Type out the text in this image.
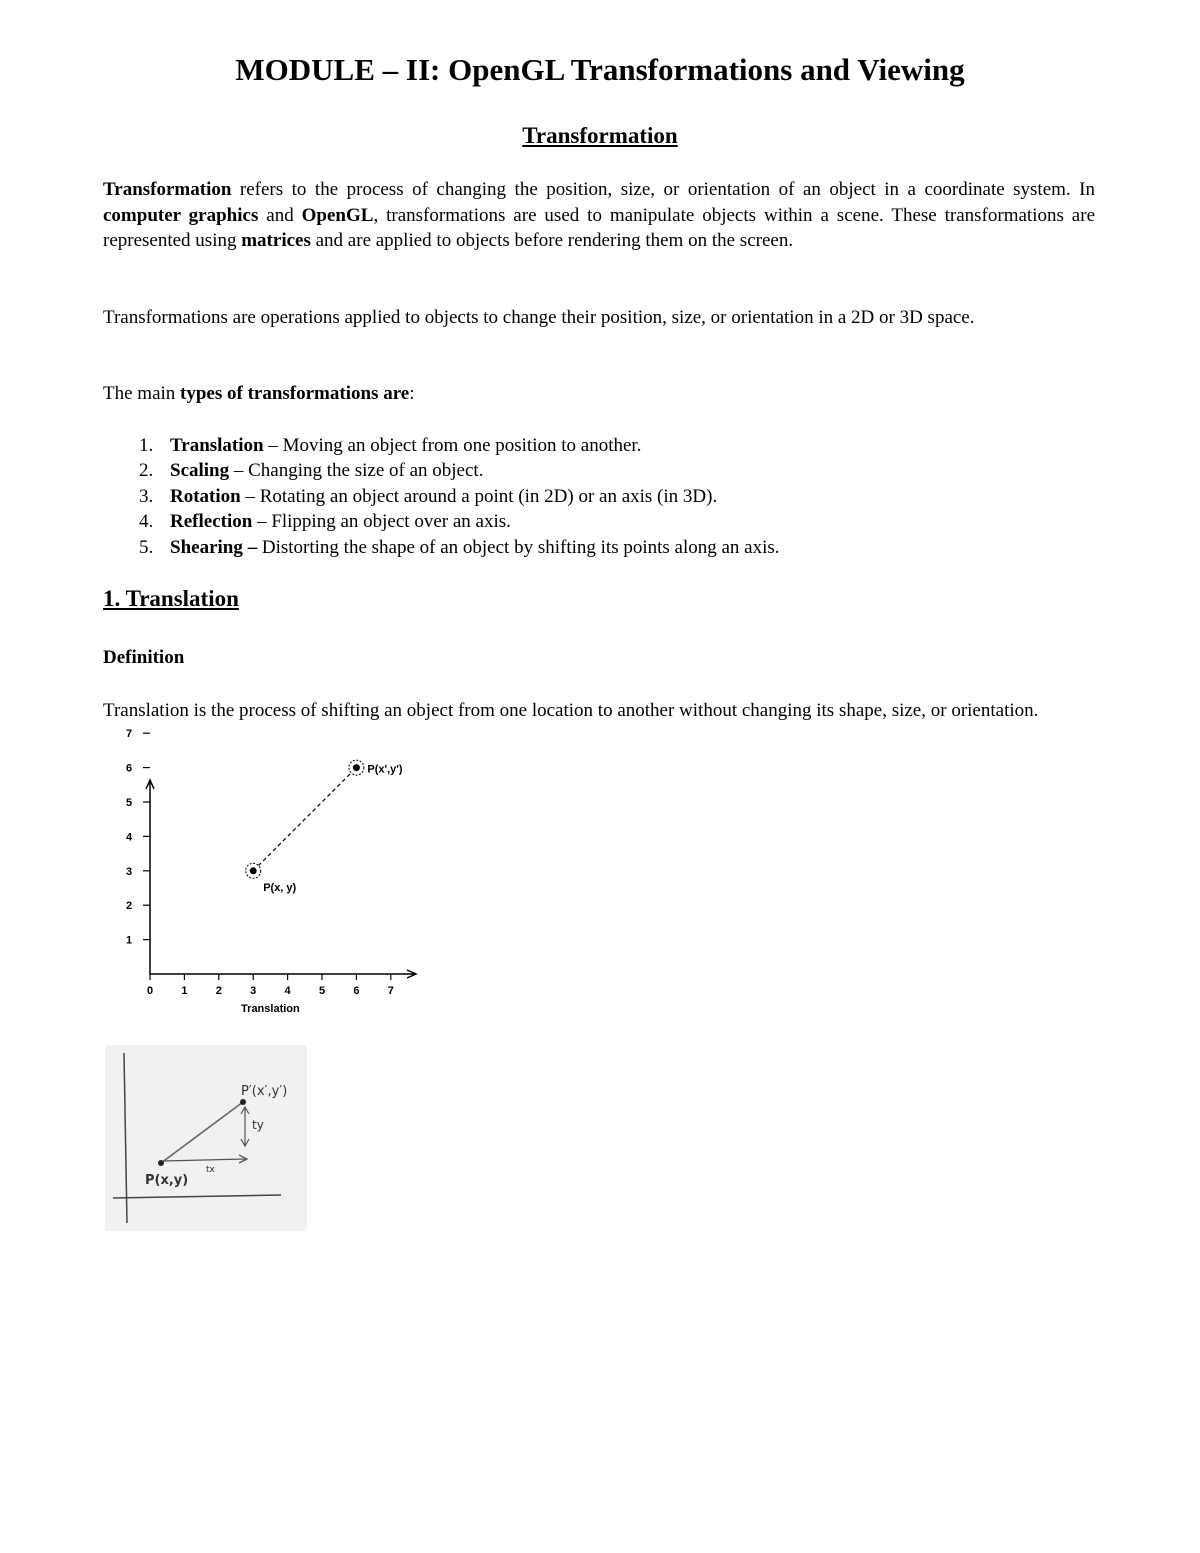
MODULE – II: OpenGL Transformations and Viewing
Transformation

Transformation refers to the process of changing the position, size, or orientation of an object in a coordinate system. In computer graphics and OpenGL, transformations are used to manipulate objects within a scene. These transformations are represented using matrices and are applied to objects before rendering them on the screen.

Transformations are operations applied to objects to change their position, size, or orientation in a 2D or 3D space.

The main types of transformations are:

1. Translation – Moving an object from one position to another.
2. Scaling – Changing the size of an object.
3. Rotation – Rotating an object around a point (in 2D) or an axis (in 3D).
4. Reflection – Flipping an object over an axis.
5. Shearing – Distorting the shape of an object by shifting its points along an axis.
1. Translation
Definition

Translation is the process of shifting an object from one location to another without changing its shape, size, or orientation.

1
2
3
4
5
6
7
0	1	2	3	4	5	6	7
P(x, y)
P(x',y')
Translation
P′(x′,y′)
P(x,y)
ty
tx
